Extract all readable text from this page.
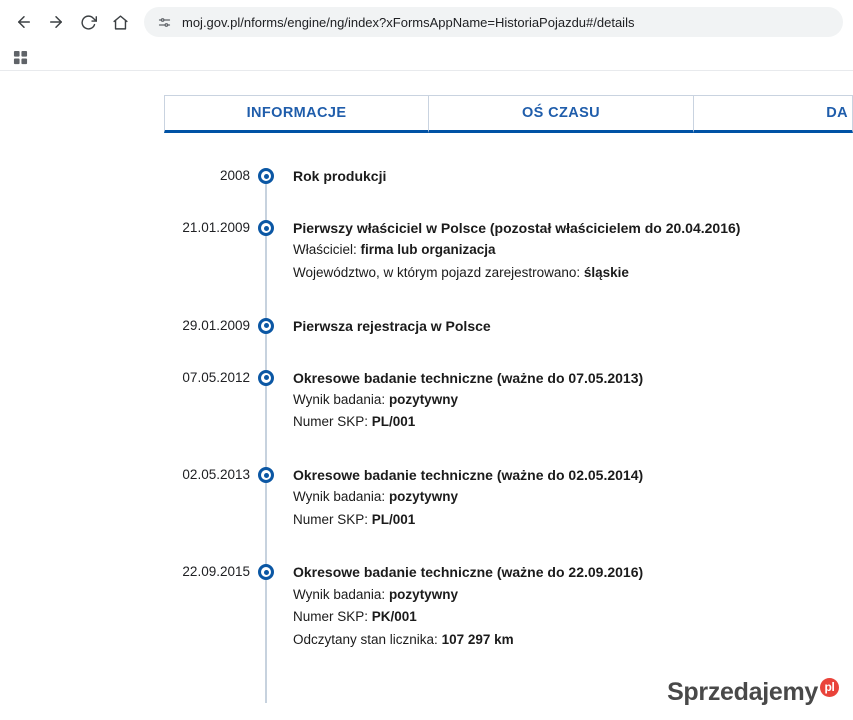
moj.gov.pl/nforms/engine/ng/index?xFormsAppName=HistoriaPojazdu#/details
INFORMACJE	OŚ CZASU	DA
2008	Rok produkcji
21.01.2009	Pierwszy właściciel w Polsce (pozostał właścicielem do 20.04.2016)
Właściciel: firma lub organizacja
Województwo, w którym pojazd zarejestrowano: śląskie
29.01.2009	Pierwsza rejestracja w Polsce
07.05.2012	Okresowe badanie techniczne (ważne do 07.05.2013)
Wynik badania: pozytywny
Numer SKP: PL/001
02.05.2013	Okresowe badanie techniczne (ważne do 02.05.2014)
Wynik badania: pozytywny
Numer SKP: PL/001
22.09.2015	Okresowe badanie techniczne (ważne do 22.09.2016)
Wynik badania: pozytywny
Numer SKP: PK/001
Odczytany stan licznika: 107 297 km
Sprzedajemy pl
